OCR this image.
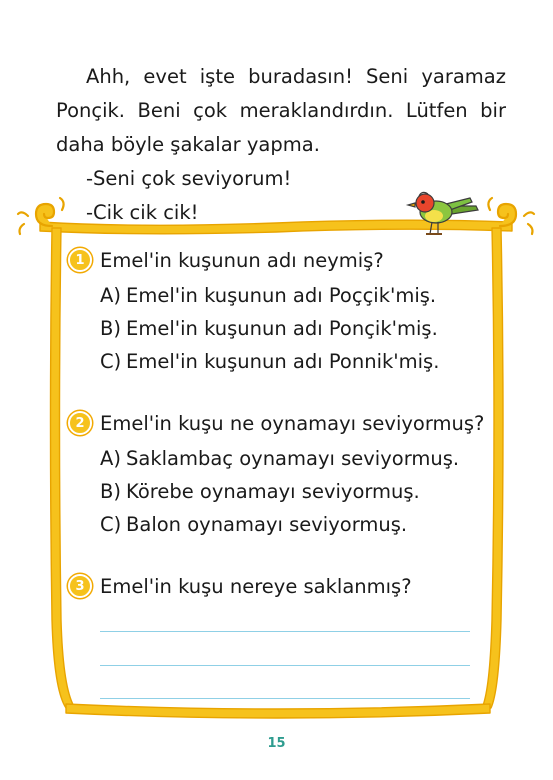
Ahh, evet işte buradasın! Seni yaramaz
Ponçik. Beni çok meraklandırdın. Lütfen bir
daha böyle şakalar yapma.
-Seni çok seviyorum!
-Cik cik cik!
1 Emel'in kuşunun adı neymiş?
A) Emel'in kuşunun adı Poççik'miş.
B) Emel'in kuşunun adı Ponçik'miş.
C) Emel'in kuşunun adı Ponnik'miş.
2 Emel'in kuşu ne oynamayı seviyormuş?
A) Saklambaç oynamayı seviyormuş.
B) Körebe oynamayı seviyormuş.
C) Balon oynamayı seviyormuş.
3 Emel'in kuşu nereye saklanmış?
15
